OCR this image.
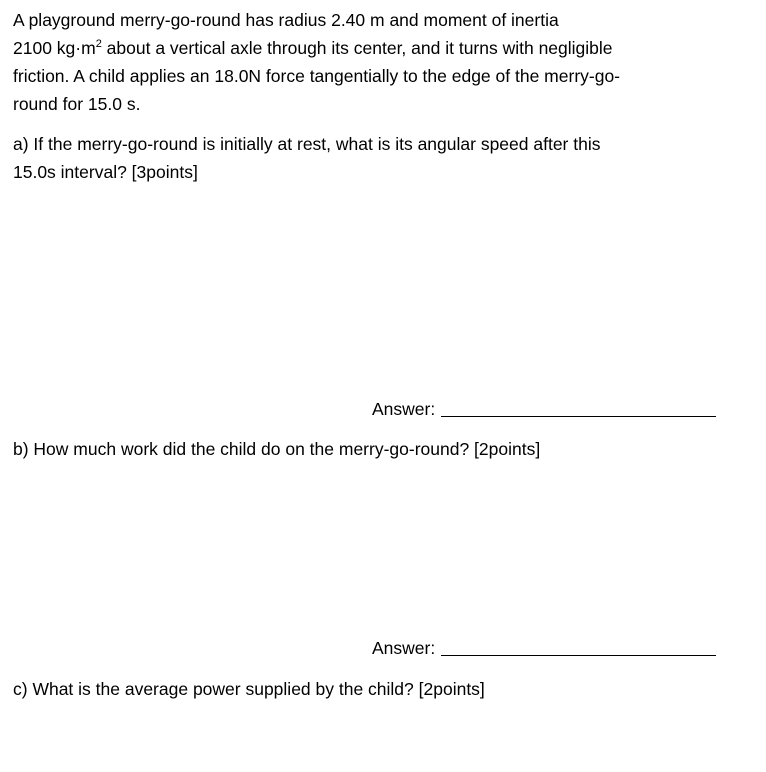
A playground merry-go-round has radius 2.40 m and moment of inertia
2100 $kg\cdot m^2$ about a vertical axle through its center, and it turns with negligible
friction. A child applies an 18.0N force tangentially to the edge of the merry-go-
round for 15.0 s.
a) If the merry-go-round is initially at rest, what is its angular speed after this
15.0s interval? [3points]
Answer:
b) How much work did the child do on the merry-go-round? [2points]
Answer:
c) What is the average power supplied by the child? [2points]
